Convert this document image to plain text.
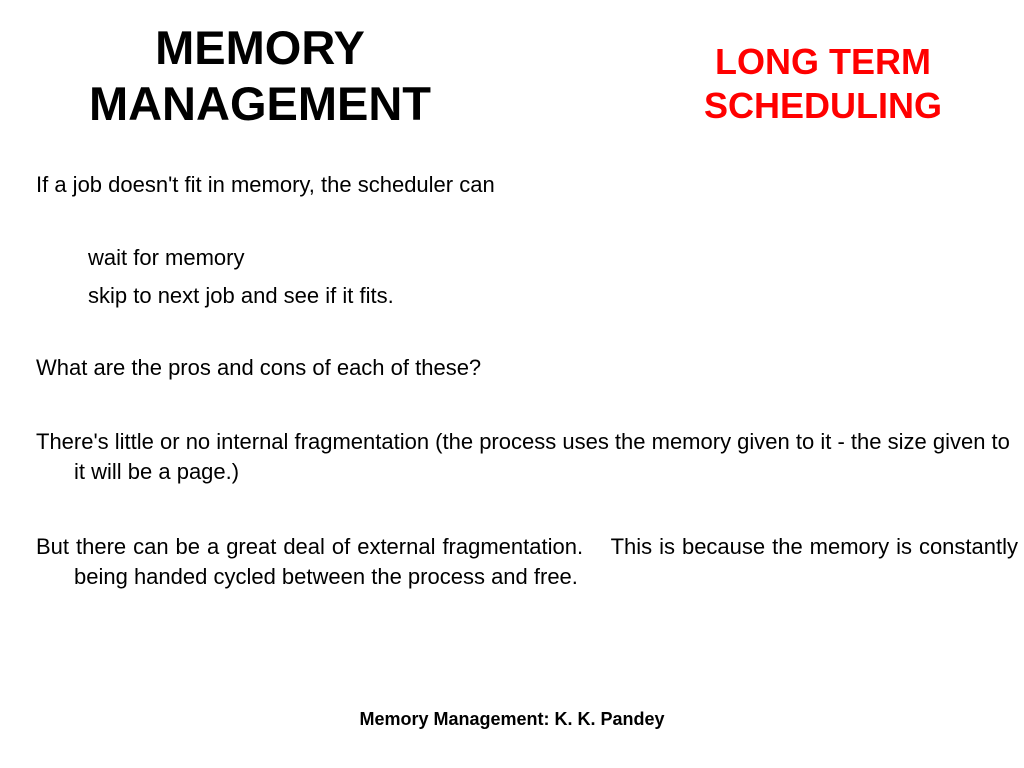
MEMORY
MANAGEMENT
LONG TERM
SCHEDULING

If a job doesn't fit in memory, the scheduler can

wait for memory

skip to next job and see if it fits.

What are the pros and cons of each of these?

There's little or no internal fragmentation (the process uses the memory given to it - the size given to it will be a page.)

But there can be a great deal of external fragmentation.    This is because the memory is constantly being handed cycled between the process and free.

Memory Management: K. K. Pandey
